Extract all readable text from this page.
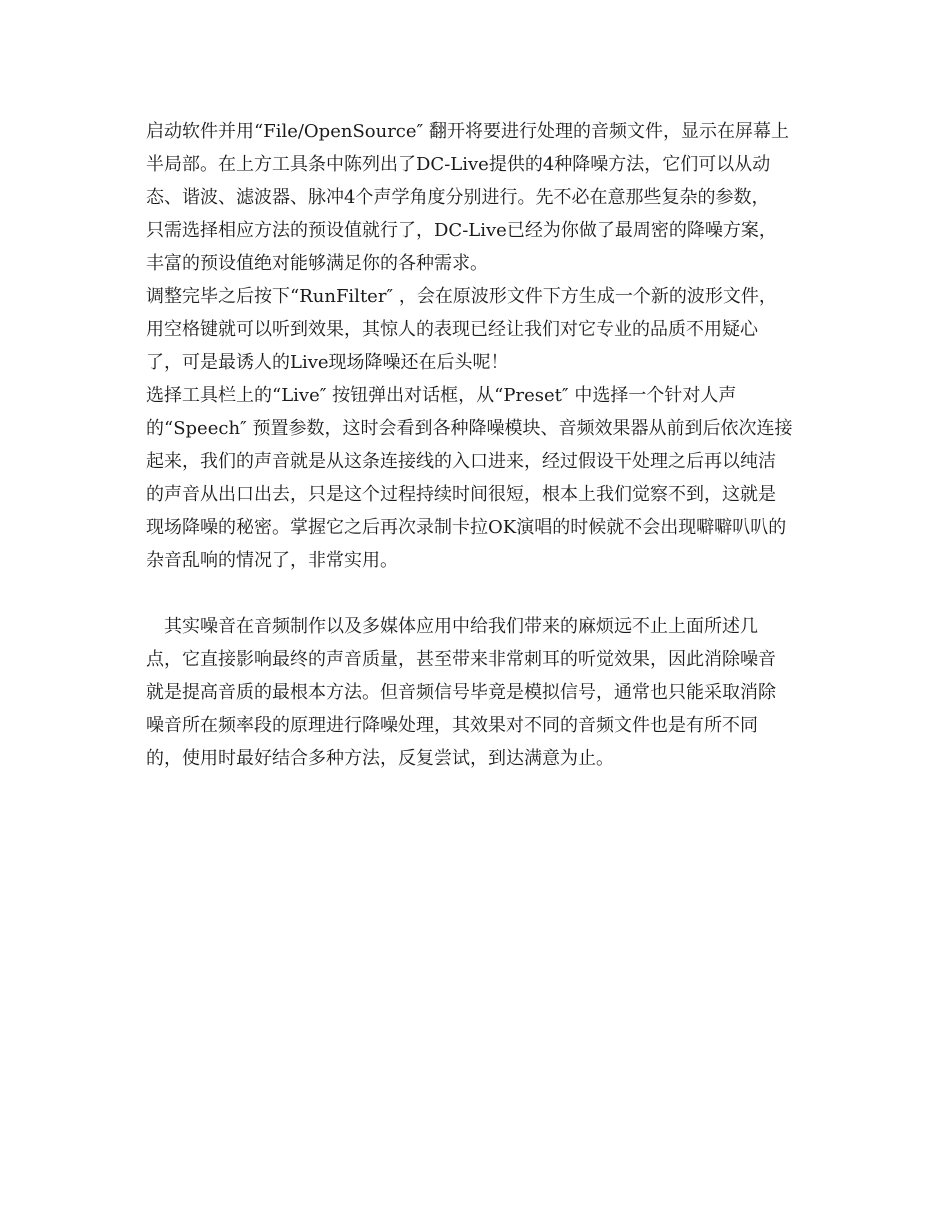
启动软件并用“File/OpenSource″ 翻开将要进行处理的音频文件，显示在屏幕上
半局部。在上方工具条中陈列出了DC-Live提供的4种降噪方法，它们可以从动
态、谐波、滤波器、脉冲4个声学角度分别进行。先不必在意那些复杂的参数，
只需选择相应方法的预设值就行了，DC-Live已经为你做了最周密的降噪方案，
丰富的预设值绝对能够满足你的各种需求。
调整完毕之后按下“RunFilter″ ，会在原波形文件下方生成一个新的波形文件，
用空格键就可以听到效果，其惊人的表现已经让我们对它专业的品质不用疑心
了，可是最诱人的Live现场降噪还在后头呢！
选择工具栏上的“Live″ 按钮弹出对话框，从“Preset″ 中选择一个针对人声
的“Speech″ 预置参数，这时会看到各种降噪模块、音频效果器从前到后依次连接
起来，我们的声音就是从这条连接线的入口进来，经过假设干处理之后再以纯洁
的声音从出口出去，只是这个过程持续时间很短，根本上我们觉察不到，这就是
现场降噪的秘密。掌握它之后再次录制卡拉OK演唱的时候就不会出现噼噼叭叭的
杂音乱响的情况了，非常实用。
　其实噪音在音频制作以及多媒体应用中给我们带来的麻烦远不止上面所述几
点，它直接影响最终的声音质量，甚至带来非常刺耳的听觉效果，因此消除噪音
就是提高音质的最根本方法。但音频信号毕竟是模拟信号，通常也只能采取消除
噪音所在频率段的原理进行降噪处理，其效果对不同的音频文件也是有所不同
的，使用时最好结合多种方法，反复尝试，到达满意为止。
